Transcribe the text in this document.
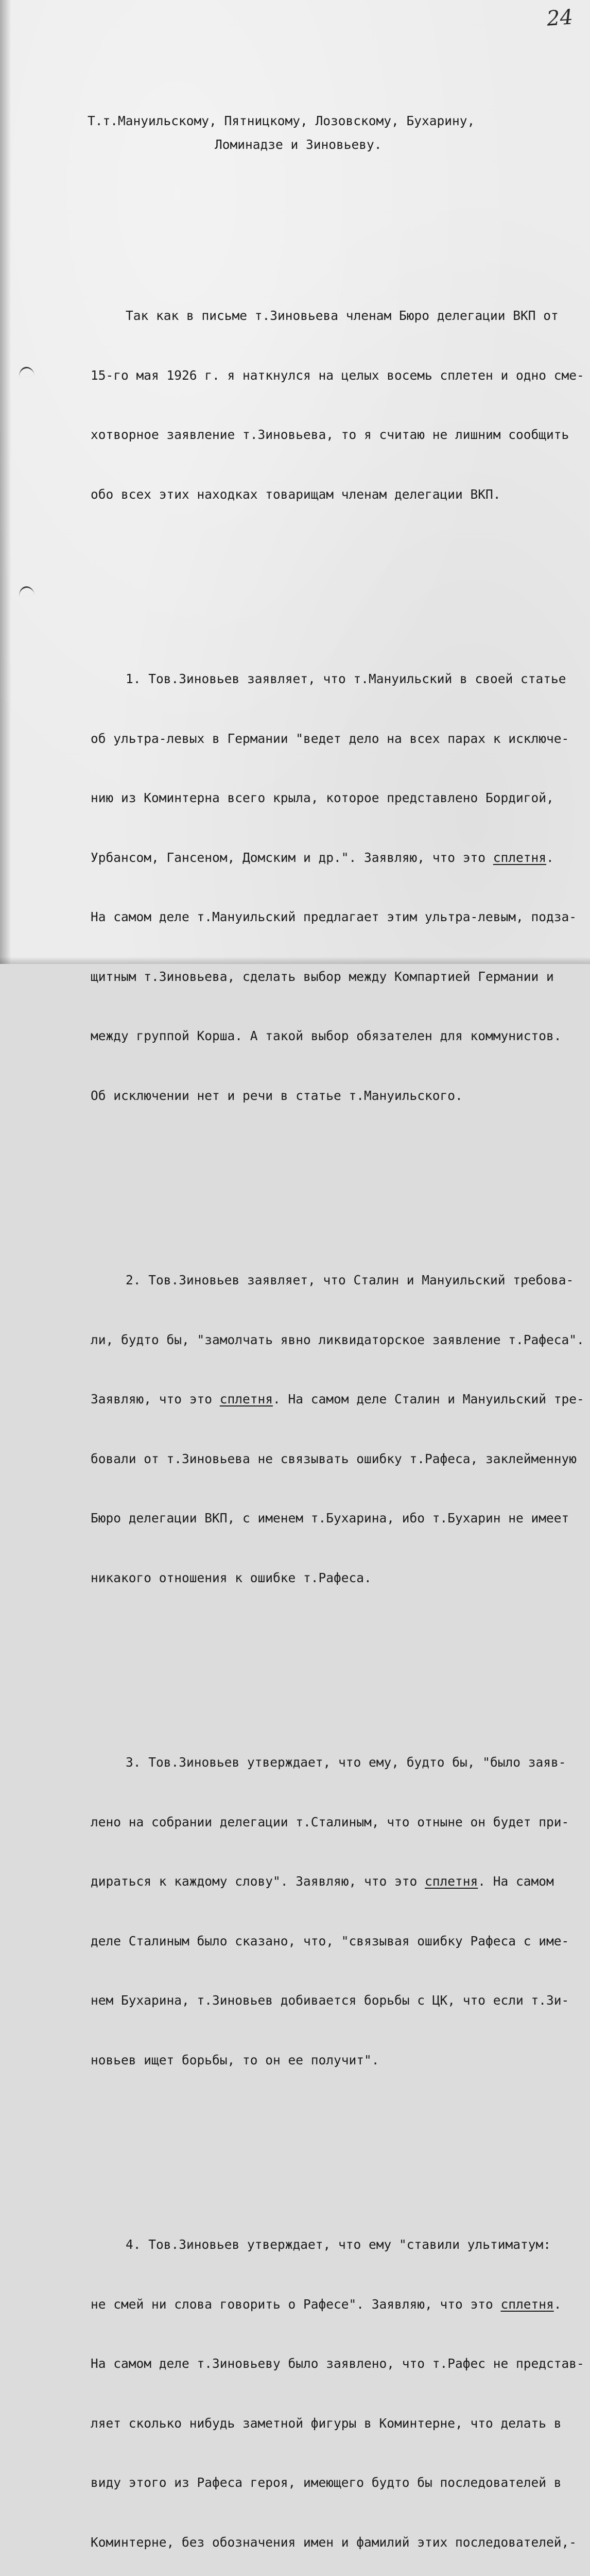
24
Т.т.Мануильскому, Пятницкому, Лозовскому, Бухарину,
Ломинадзе и Зиновьеву.

Так как в письме т.Зиновьева членам Бюро делегации ВКП от

15-го мая 1926 г. я наткнулся на целых восемь сплетен и одно сме-

хотворное заявление т.Зиновьева, то я считаю не лишним сообщить

обо всех этих находках товарищам членам делегации ВКП.

1. Тов.Зиновьев заявляет, что т.Мануильский в своей статье

об ультра-левых в Германии "ведет дело на всех парах к исключе-

нию из Коминтерна всего крыла, которое представлено Бордигой,

Урбансом, Гансеном, Домским и др.". Заявляю, что это сплетня.

На самом деле т.Мануильский предлагает этим ультра-левым, подза-

щитным т.Зиновьева, сделать выбор между Компартией Германии и

между группой Корша. А такой выбор обязателен для коммунистов.

Об исключении нет и речи в статье т.Мануильского.

2. Тов.Зиновьев заявляет, что Сталин и Мануильский требова-

ли, будто бы, "замолчать явно ликвидаторское заявление т.Рафеса".

Заявляю, что это сплетня. На самом деле Сталин и Мануильский тре-

бовали от т.Зиновьева не связывать ошибку т.Рафеса, заклейменную

Бюро делегации ВКП, с именем т.Бухарина, ибо т.Бухарин не имеет

никакого отношения к ошибке т.Рафеса.

3. Тов.Зиновьев утверждает, что ему, будто бы, "было заяв-

лено на собрании делегации т.Сталиным, что отныне он будет при-

дираться к каждому слову". Заявляю, что это сплетня. На самом

деле Сталиным было сказано, что, "связывая ошибку Рафеса с име-

нем Бухарина, т.Зиновьев добивается борьбы с ЦК, что если т.Зи-

новьев ищет борьбы, то он ее получит".

4. Тов.Зиновьев утверждает, что ему "ставили ультиматум:

не смей ни слова говорить о Рафесе". Заявляю, что это сплетня.

На самом деле т.Зиновьеву было заявлено, что т.Рафес не представ-

ляет сколько нибудь заметной фигуры в Коминтерне, что делать в

виду этого из Рафеса героя, имеющего будто бы последователей в

Коминтерне, без обозначения имен и фамилий этих последователей,-
